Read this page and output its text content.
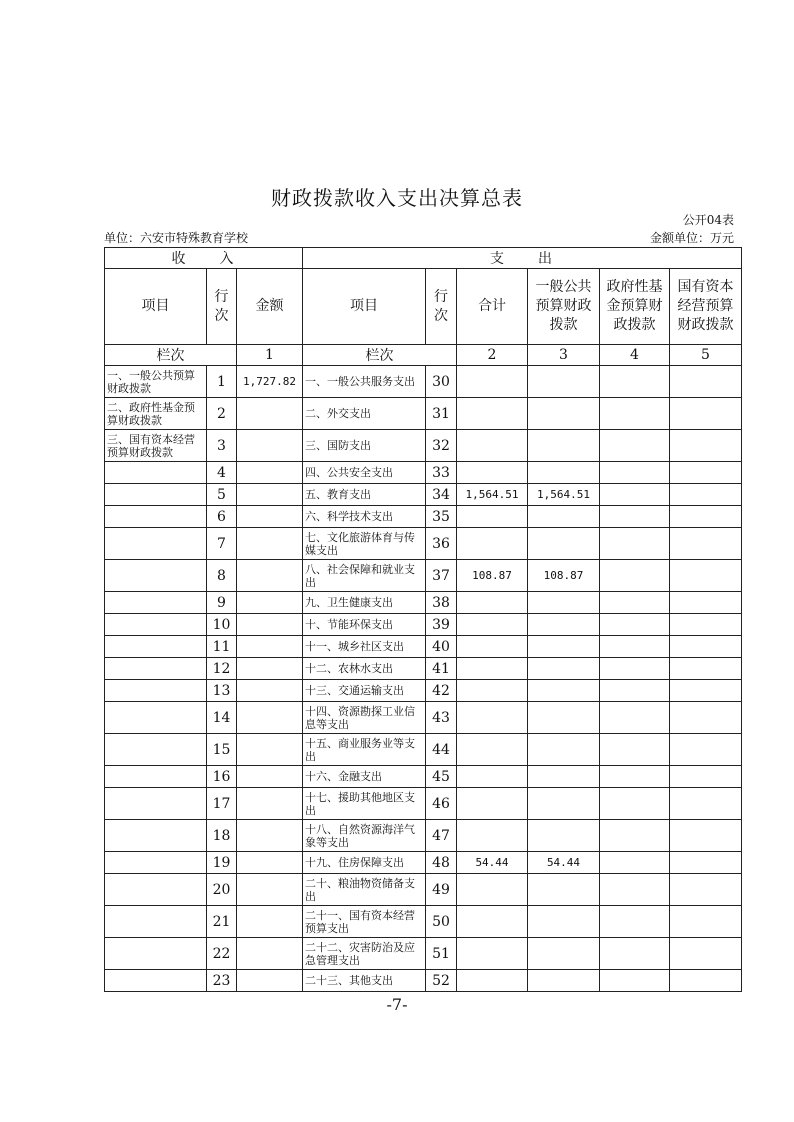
财政拨款收入支出决算总表
公开04表
单位：六安市特殊教育学校	金额单位：万元
收　　入			支　　出					
项目	行次	金额	项目	行次	合计	一般公共预算财政拨款	政府性基金预算财政拨款	国有资本经营预算财政拨款
栏次		1	栏次		2	3	4	5
一、一般公共预算财政拨款	1	1,727.82	一、一般公共服务支出	30				
二、政府性基金预算财政拨款	2		二、外交支出	31				
三、国有资本经营预算财政拨款	3		三、国防支出	32				
	4		四、公共安全支出	33				
	5		五、教育支出	34	1,564.51	1,564.51		
	6		六、科学技术支出	35				
	7		七、文化旅游体育与传媒支出	36				
	8		八、社会保障和就业支出	37	108.87	108.87		
	9		九、卫生健康支出	38				
	10		十、节能环保支出	39				
	11		十一、城乡社区支出	40				
	12		十二、农林水支出	41				
	13		十三、交通运输支出	42				
	14		十四、资源勘探工业信息等支出	43				
	15		十五、商业服务业等支出	44				
	16		十六、金融支出	45				
	17		十七、援助其他地区支出	46				
	18		十八、自然资源海洋气象等支出	47				
	19		十九、住房保障支出	48	54.44	54.44		
	20		二十、粮油物资储备支出	49				
	21		二十一、国有资本经营预算支出	50				
	22		二十二、灾害防治及应急管理支出	51				
	23		二十三、其他支出	52				
-7-
